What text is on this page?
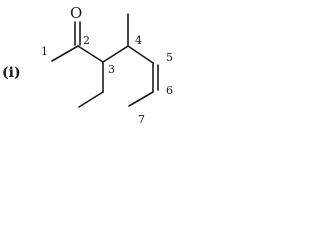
(i)
O
1
2
3
4
5
6
7
